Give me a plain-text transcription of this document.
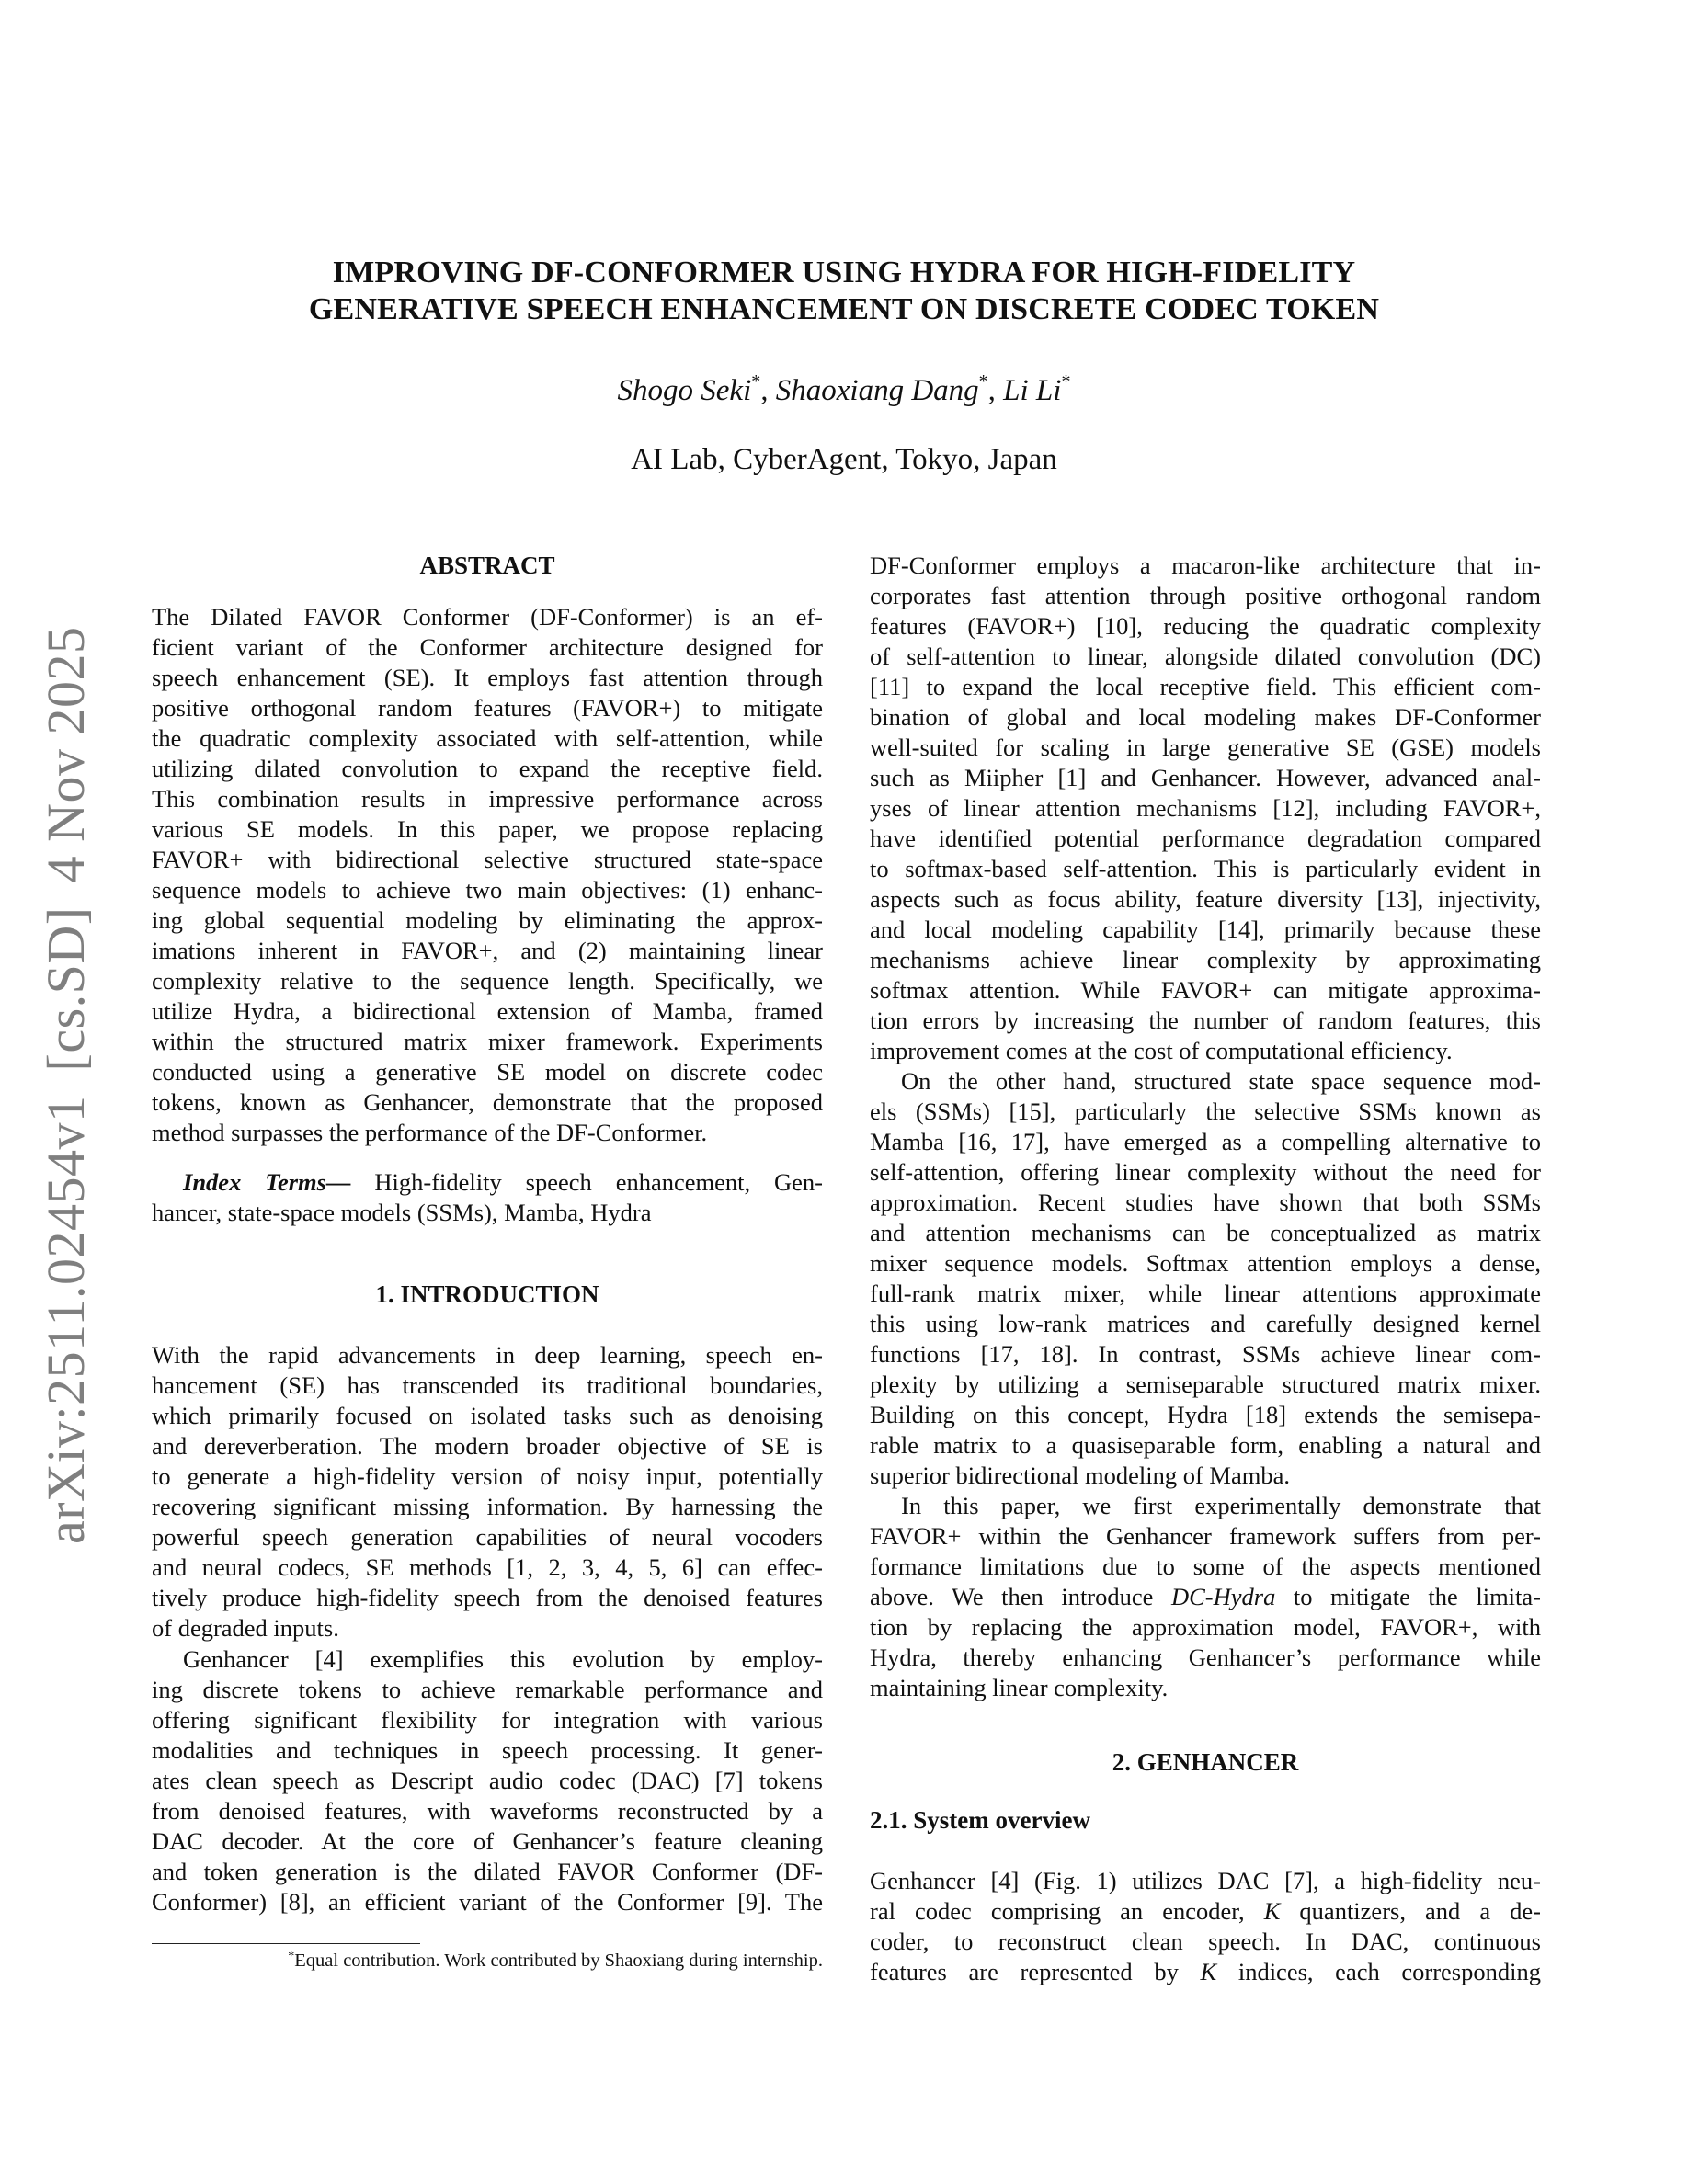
arXiv:2511.02454v1[cs.SD]4 Nov 2025
IMPROVING DF-CONFORMER USING HYDRA FOR HIGH-FIDELITY
GENERATIVE SPEECH ENHANCEMENT ON DISCRETE CODEC TOKEN
Shogo Seki*, Shaoxiang Dang*, Li Li*
AI Lab, CyberAgent, Tokyo, Japan
ABSTRACT
The Dilated FAVOR Conformer (DF-Conformer) is an ef-
ficient variant of the Conformer architecture designed for
speech enhancement (SE). It employs fast attention through
positive orthogonal random features (FAVOR+) to mitigate
the quadratic complexity associated with self-attention, while
utilizing dilated convolution to expand the receptive field.
This combination results in impressive performance across
various SE models. In this paper, we propose replacing
FAVOR+ with bidirectional selective structured state-space
sequence models to achieve two main objectives: (1) enhanc-
ing global sequential modeling by eliminating the approx-
imations inherent in FAVOR+, and (2) maintaining linear
complexity relative to the sequence length. Specifically, we
utilize Hydra, a bidirectional extension of Mamba, framed
within the structured matrix mixer framework. Experiments
conducted using a generative SE model on discrete codec
tokens, known as Genhancer, demonstrate that the proposed
method surpasses the performance of the DF-Conformer.
Index Terms— High-fidelity speech enhancement, Gen-
hancer, state-space models (SSMs), Mamba, Hydra
1. INTRODUCTION
With the rapid advancements in deep learning, speech en-
hancement (SE) has transcended its traditional boundaries,
which primarily focused on isolated tasks such as denoising
and dereverberation. The modern broader objective of SE is
to generate a high-fidelity version of noisy input, potentially
recovering significant missing information. By harnessing the
powerful speech generation capabilities of neural vocoders
and neural codecs, SE methods [1, 2, 3, 4, 5, 6] can effec-
tively produce high-fidelity speech from the denoised features
of degraded inputs.
Genhancer [4] exemplifies this evolution by employ-
ing discrete tokens to achieve remarkable performance and
offering significant flexibility for integration with various
modalities and techniques in speech processing. It gener-
ates clean speech as Descript audio codec (DAC) [7] tokens
from denoised features, with waveforms reconstructed by a
DAC decoder. At the core of Genhancer’s feature cleaning
and token generation is the dilated FAVOR Conformer (DF-
Conformer) [8], an efficient variant of the Conformer [9]. The
*Equal contribution. Work contributed by Shaoxiang during internship.
DF-Conformer employs a macaron-like architecture that in-
corporates fast attention through positive orthogonal random
features (FAVOR+) [10], reducing the quadratic complexity
of self-attention to linear, alongside dilated convolution (DC)
[11] to expand the local receptive field. This efficient com-
bination of global and local modeling makes DF-Conformer
well-suited for scaling in large generative SE (GSE) models
such as Miipher [1] and Genhancer. However, advanced anal-
yses of linear attention mechanisms [12], including FAVOR+,
have identified potential performance degradation compared
to softmax-based self-attention. This is particularly evident in
aspects such as focus ability, feature diversity [13], injectivity,
and local modeling capability [14], primarily because these
mechanisms achieve linear complexity by approximating
softmax attention. While FAVOR+ can mitigate approxima-
tion errors by increasing the number of random features, this
improvement comes at the cost of computational efficiency.
On the other hand, structured state space sequence mod-
els (SSMs) [15], particularly the selective SSMs known as
Mamba [16, 17], have emerged as a compelling alternative to
self-attention, offering linear complexity without the need for
approximation. Recent studies have shown that both SSMs
and attention mechanisms can be conceptualized as matrix
mixer sequence models. Softmax attention employs a dense,
full-rank matrix mixer, while linear attentions approximate
this using low-rank matrices and carefully designed kernel
functions [17, 18]. In contrast, SSMs achieve linear com-
plexity by utilizing a semiseparable structured matrix mixer.
Building on this concept, Hydra [18] extends the semisepa-
rable matrix to a quasiseparable form, enabling a natural and
superior bidirectional modeling of Mamba.
In this paper, we first experimentally demonstrate that
FAVOR+ within the Genhancer framework suffers from per-
formance limitations due to some of the aspects mentioned
above. We then introduce DC-Hydra to mitigate the limita-
tion by replacing the approximation model, FAVOR+, with
Hydra, thereby enhancing Genhancer’s performance while
maintaining linear complexity.
2. GENHANCER
2.1. System overview
Genhancer [4] (Fig. 1) utilizes DAC [7], a high-fidelity neu-
ral codec comprising an encoder, K quantizers, and a de-
coder, to reconstruct clean speech. In DAC, continuous
features are represented by K indices, each corresponding
